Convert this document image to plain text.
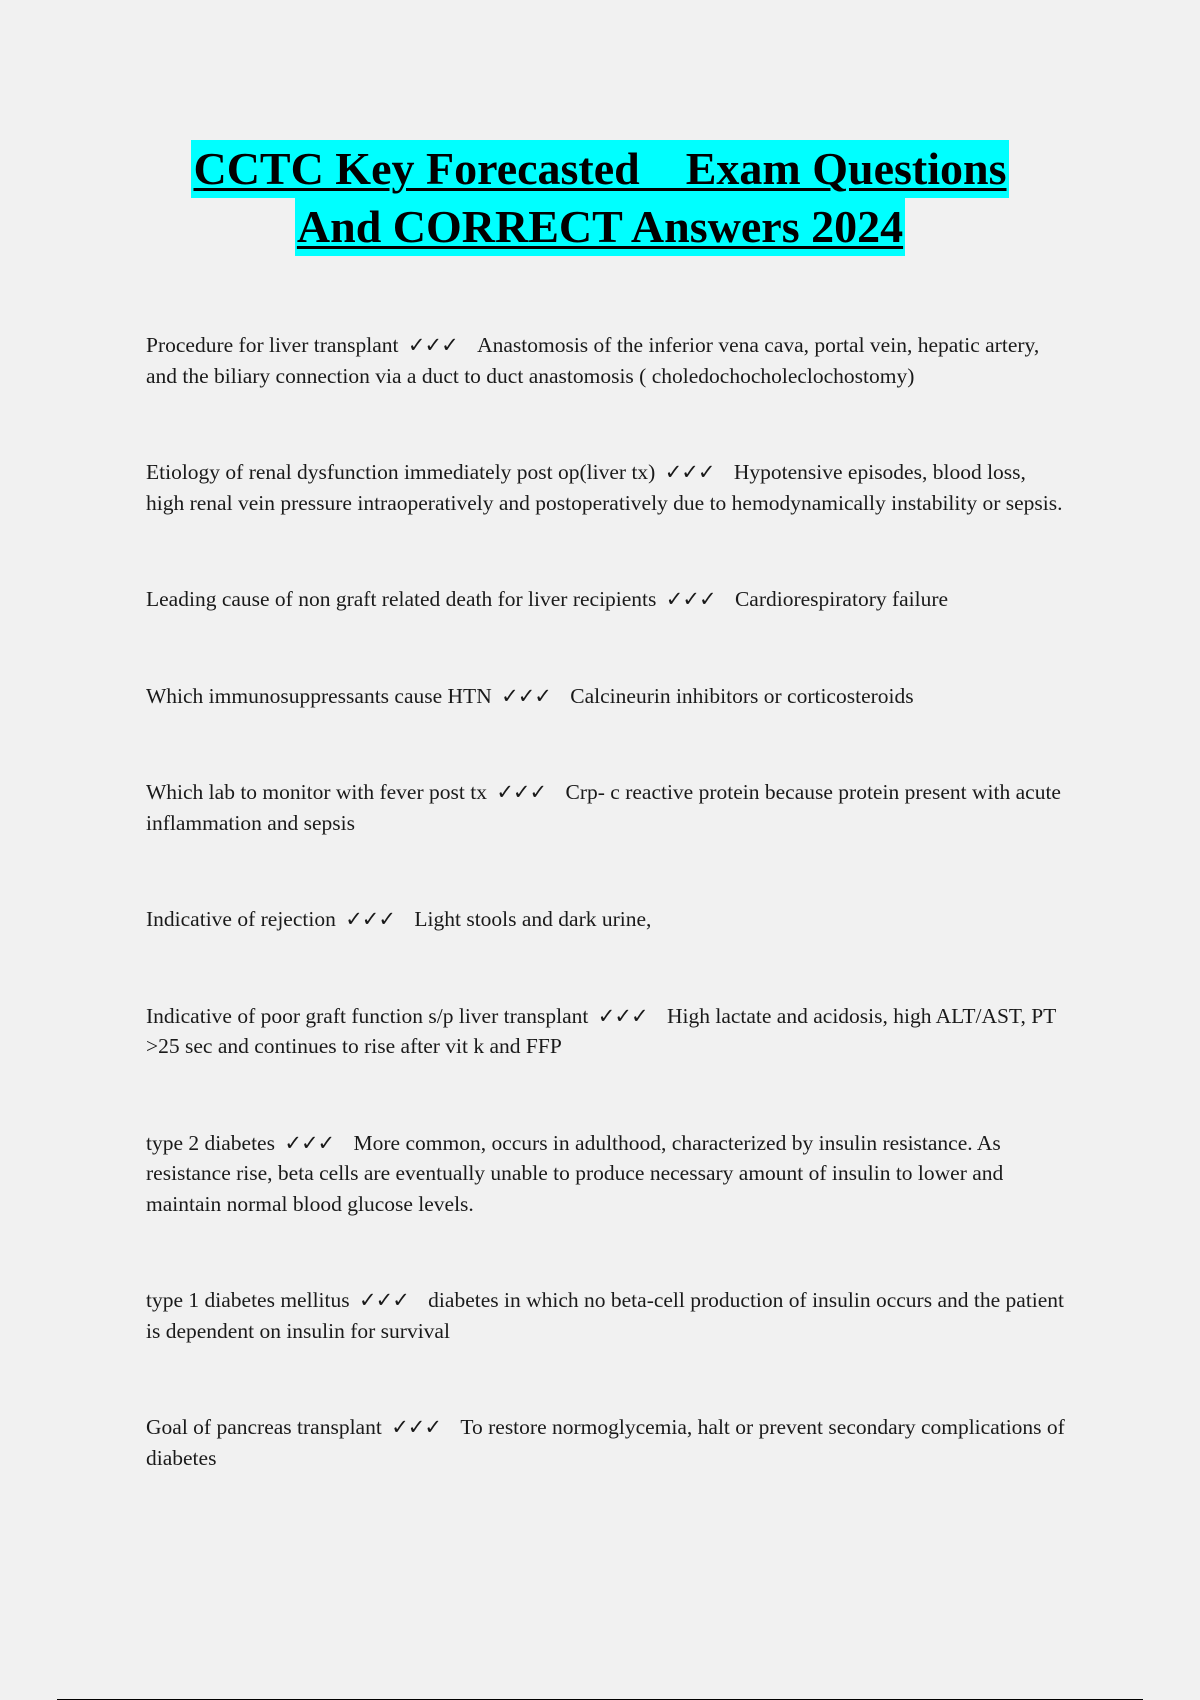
CCTC Key Forecasted    Exam Questions
And CORRECT Answers 2024

Procedure for liver transplant ✓✓✓ Anastomosis of the inferior vena cava, portal vein, hepatic artery, and the biliary connection via a duct to duct anastomosis ( choledochocholeclochostomy)

Etiology of renal dysfunction immediately post op(liver tx) ✓✓✓ Hypotensive episodes, blood loss, high renal vein pressure intraoperatively and postoperatively due to hemodynamically instability or sepsis.

Leading cause of non graft related death for liver recipients ✓✓✓ Cardiorespiratory failure

Which immunosuppressants cause HTN ✓✓✓ Calcineurin inhibitors or corticosteroids

Which lab to monitor with fever post tx ✓✓✓ Crp- c reactive protein because protein present with acute inflammation and sepsis

Indicative of rejection ✓✓✓ Light stools and dark urine,

Indicative of poor graft function s/p liver transplant ✓✓✓ High lactate and acidosis, high ALT/AST, PT >25 sec and continues to rise after vit k and FFP

type 2 diabetes ✓✓✓ More common, occurs in adulthood, characterized by insulin resistance. As resistance rise, beta cells are eventually unable to produce necessary amount of insulin to lower and maintain normal blood glucose levels.

type 1 diabetes mellitus ✓✓✓ diabetes in which no beta-cell production of insulin occurs and the patient is dependent on insulin for survival

Goal of pancreas transplant ✓✓✓ To restore normoglycemia, halt or prevent secondary complications of diabetes
